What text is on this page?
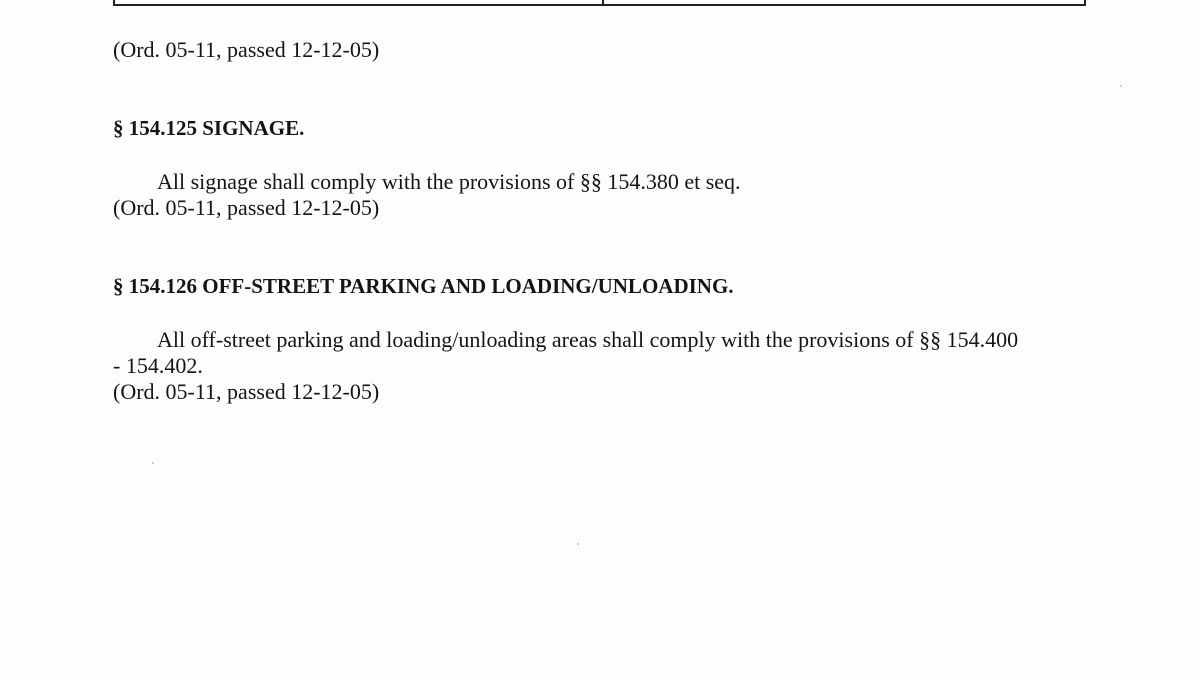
(Ord. 05-11, passed 12-12-05)
§ 154.125 SIGNAGE.
All signage shall comply with the provisions of §§ 154.380 et seq.
(Ord. 05-11, passed 12-12-05)
§ 154.126 OFF-STREET PARKING AND LOADING/UNLOADING.
All off-street parking and loading/unloading areas shall comply with the provisions of §§ 154.400
- 154.402.
(Ord. 05-11, passed 12-12-05)
